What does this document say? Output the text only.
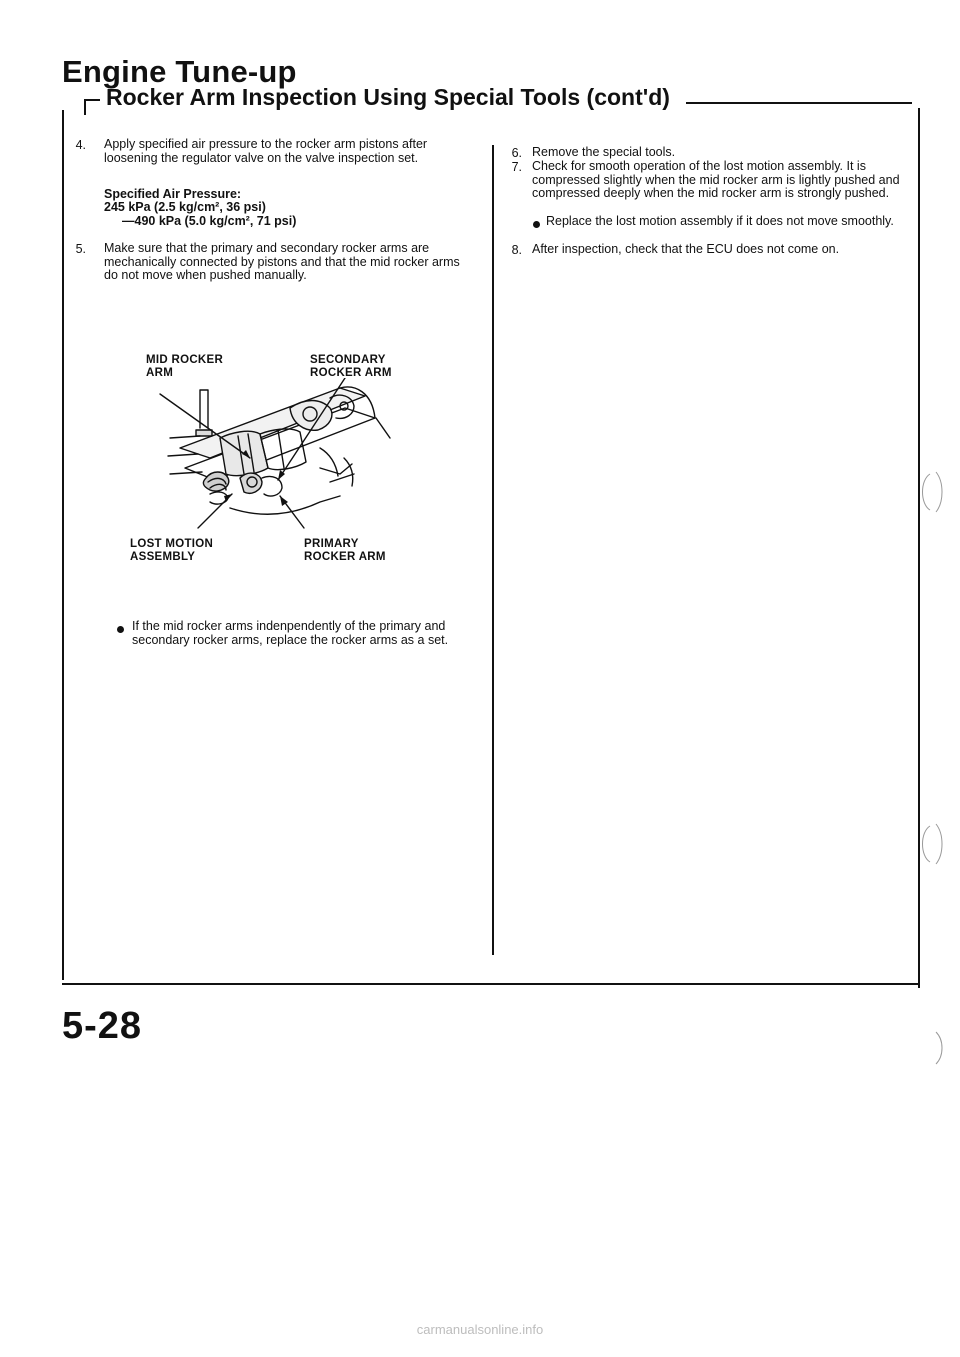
Engine Tune-up
Rocker Arm Inspection Using Special Tools (cont'd)
4. Apply specified air pressure to the rocker arm pistons after loosening the regulator valve on the valve inspection set.
Specified Air Pressure:
245 kPa (2.5 kg/cm², 36 psi)
—490 kPa (5.0 kg/cm², 71 psi)
5. Make sure that the primary and secondary rocker arms are mechanically connected by pistons and that the mid rocker arms do not move when pushed manually.
MID ROCKER
ARM
SECONDARY
ROCKER ARM
LOST MOTION
ASSEMBLY
PRIMARY
ROCKER ARM
If the mid rocker arms indenpendently of the primary and secondary rocker arms, replace the rocker arms as a set.
6. Remove the special tools.
7. Check for smooth operation of the lost motion assembly. It is compressed slightly when the mid rocker arm is lightly pushed and compressed deeply when the mid rocker arm is strongly pushed.
Replace the lost motion assembly if it does not move smoothly.
8. After inspection, check that the ECU does not come on.
5-28
carmanualsonline.info
